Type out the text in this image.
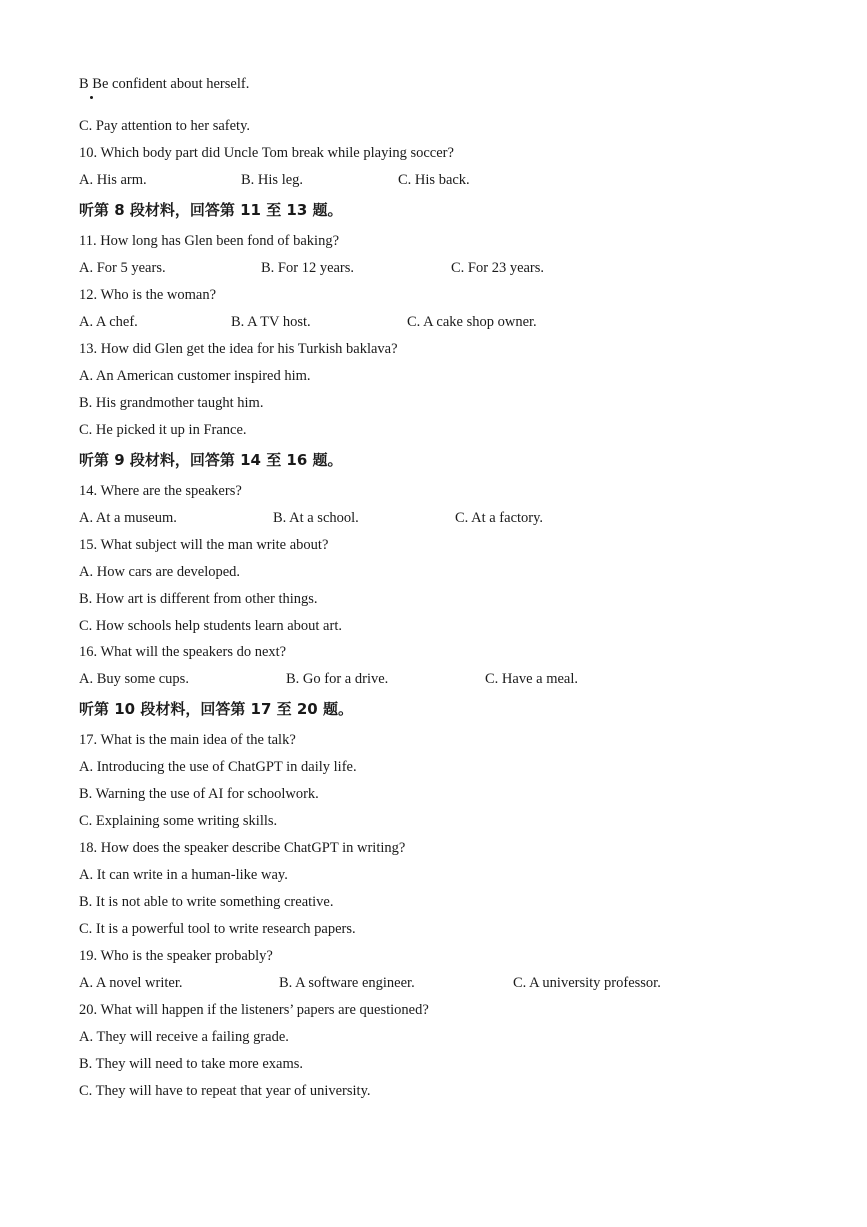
B Be confident about herself.
C. Pay attention to her safety.
10. Which body part did Uncle Tom break while playing soccer?
A. His arm.	B. His leg.	C. His back.
听第 8 段材料，回答第 11 至 13 题。
11. How long has Glen been fond of baking?
A. For 5 years.	B. For 12 years.	C. For 23 years.
12. Who is the woman?
A. A chef.	B. A TV host.	C. A cake shop owner.
13. How did Glen get the idea for his Turkish baklava?
A. An American customer inspired him.
B. His grandmother taught him.
C. He picked it up in France.
听第 9 段材料，回答第 14 至 16 题。
14. Where are the speakers?
A. At a museum.	B. At a school.	C. At a factory.
15. What subject will the man write about?
A. How cars are developed.
B. How art is different from other things.
C. How schools help students learn about art.
16. What will the speakers do next?
A. Buy some cups.	B. Go for a drive.	C. Have a meal.
听第 10 段材料，回答第 17 至 20 题。
17. What is the main idea of the talk?
A. Introducing the use of ChatGPT in daily life.
B. Warning the use of AI for schoolwork.
C. Explaining some writing skills.
18. How does the speaker describe ChatGPT in writing?
A. It can write in a human-like way.
B. It is not able to write something creative.
C. It is a powerful tool to write research papers.
19. Who is the speaker probably?
A. A novel writer.	B. A software engineer.	C. A university professor.
20. What will happen if the listeners’ papers are questioned?
A. They will receive a failing grade.
B. They will need to take more exams.
C. They will have to repeat that year of university.
